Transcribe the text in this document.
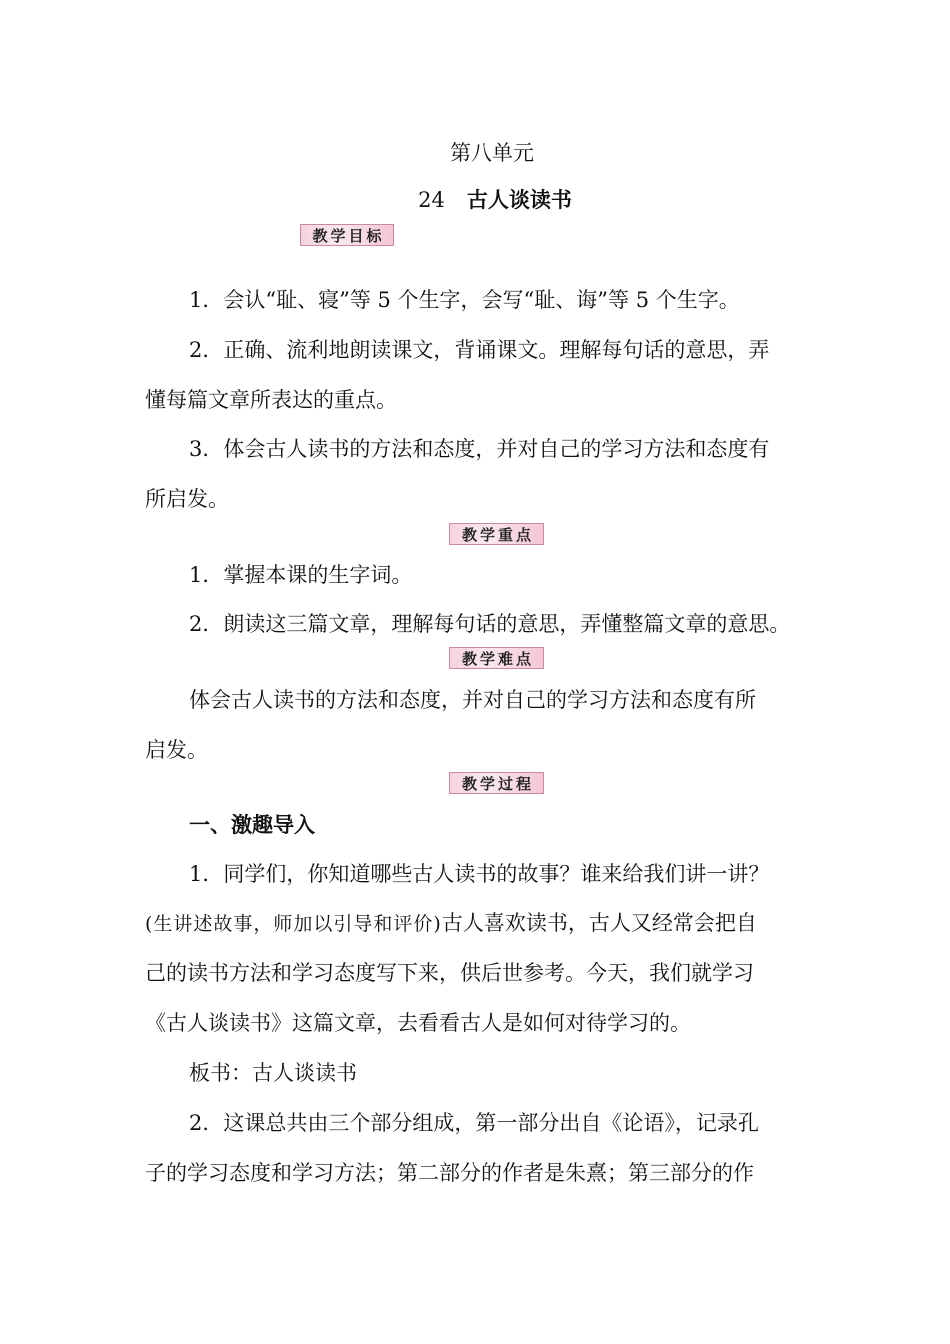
第八单元
24 古人谈读书
教学目标
1．会认“耻、寝”等 5 个生字，会写“耻、诲”等 5 个生字。
2．正确、流利地朗读课文，背诵课文。理解每句话的意思，弄
懂每篇文章所表达的重点。
3．体会古人读书的方法和态度，并对自己的学习方法和态度有
所启发。
教学重点
1．掌握本课的生字词。
2．朗读这三篇文章，理解每句话的意思，弄懂整篇文章的意思。
教学难点
体会古人读书的方法和态度，并对自己的学习方法和态度有所
启发。
教学过程
一、激趣导入
1．同学们，你知道哪些古人读书的故事？谁来给我们讲一讲？
(生讲述故事，师加以引导和评价)古人喜欢读书，古人又经常会把自
己的读书方法和学习态度写下来，供后世参考。今天，我们就学习
《古人谈读书》这篇文章，去看看古人是如何对待学习的。
板书：古人谈读书
2．这课总共由三个部分组成，第一部分出自《论语》，记录孔
子的学习态度和学习方法；第二部分的作者是朱熹；第三部分的作
